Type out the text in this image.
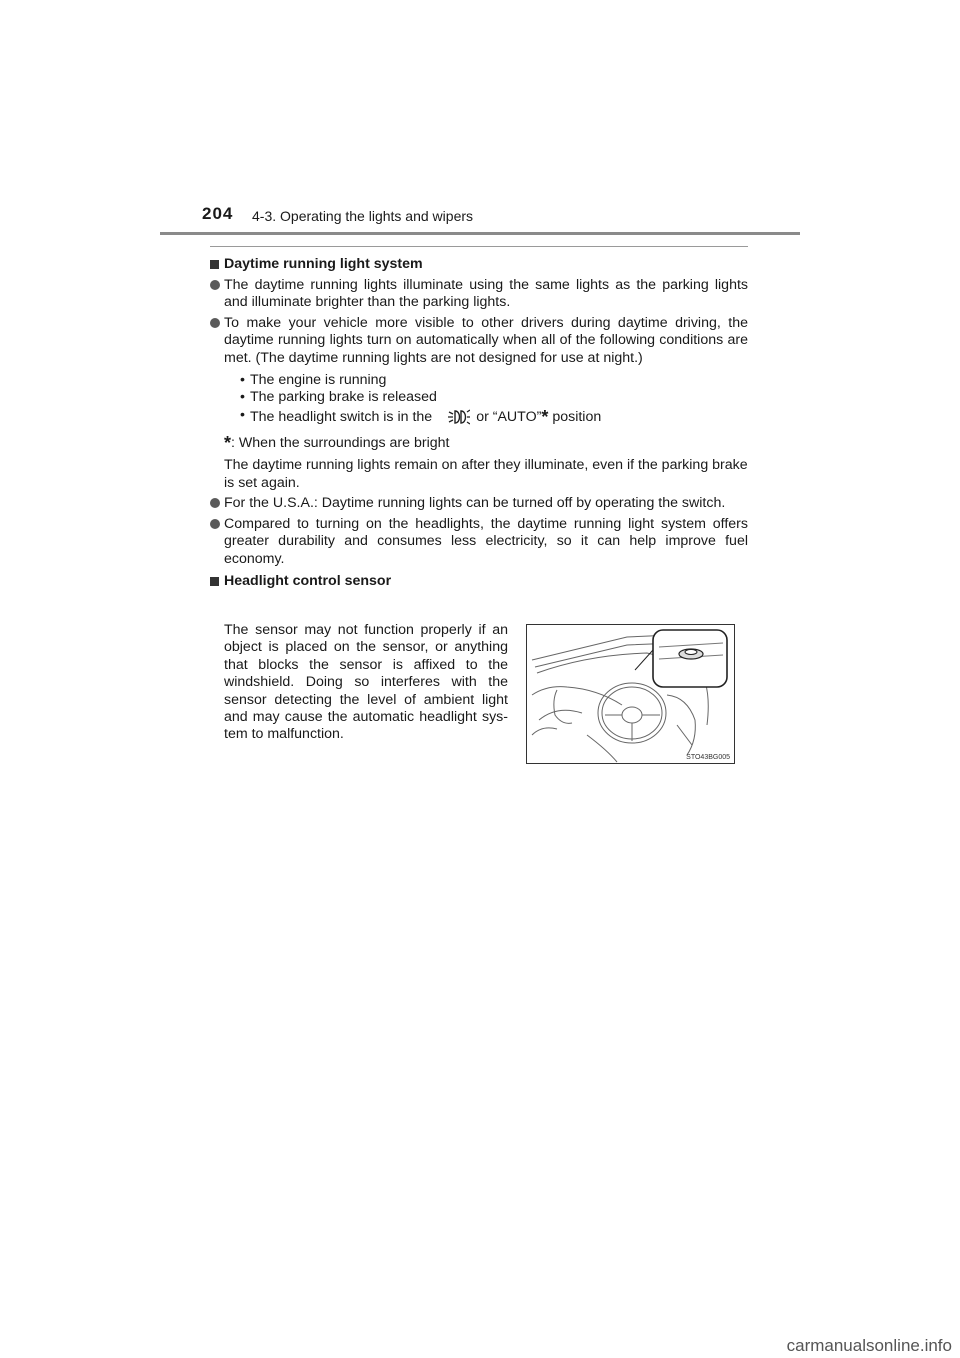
204 4-3. Operating the lights and wipers
Daytime running light system
The daytime running lights illuminate using the same lights as the parking lights and illuminate brighter than the parking lights.
To make your vehicle more visible to other drivers during daytime driving, the daytime running lights turn on automatically when all of the following conditions are met. (The daytime running lights are not designed for use at night.)
• The engine is running
• The parking brake is released
• The headlight switch is in the	or “AUTO”* position
*: When the surroundings are bright
The daytime running lights remain on after they illuminate, even if the parking brake is set again.
For the U.S.A.: Daytime running lights can be turned off by operating the switch.
Compared to turning on the headlights, the daytime running light system offers greater durability and consumes less electricity, so it can help improve fuel economy.
Headlight control sensor
The sensor may not function properly if an object is placed on the sensor, or anything that blocks the sensor is affixed to the windshield. Doing so interferes with the sensor detecting the level of ambient light and may cause the automatic headlight sys-tem to malfunction.
STO43BG005
carmanualsonline.info
